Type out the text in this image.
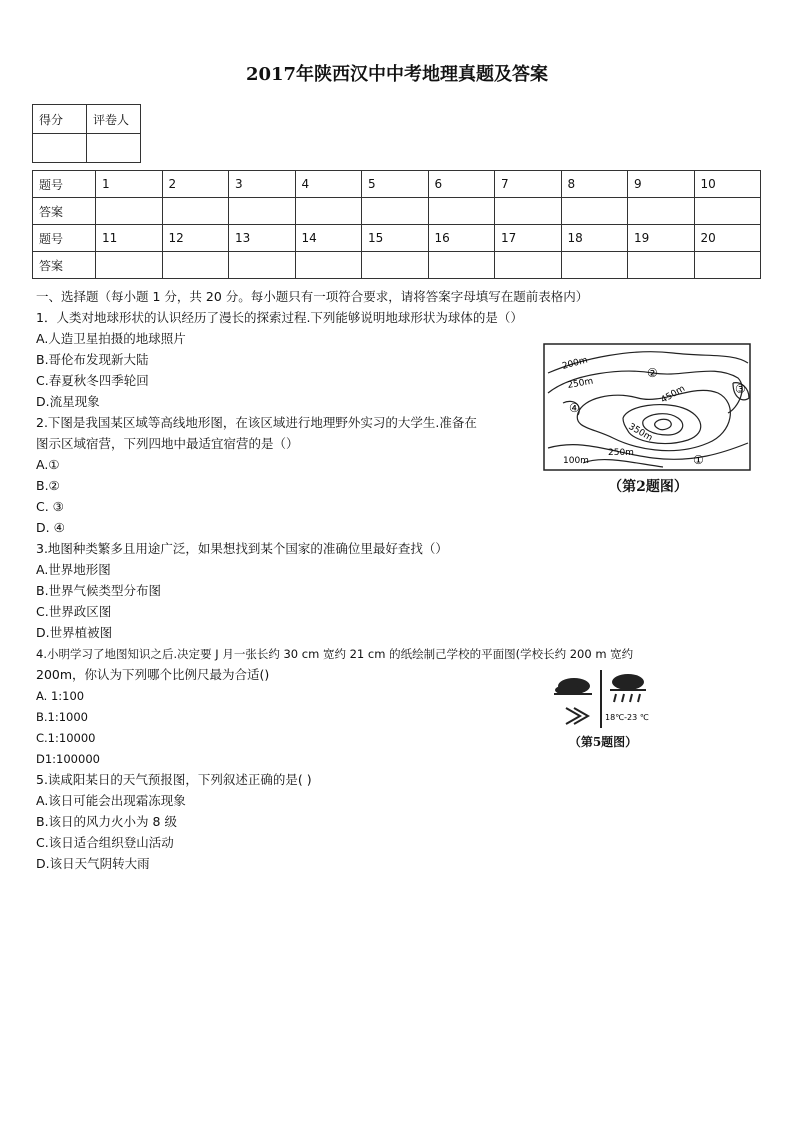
2017年陕西汉中中考地理真题及答案
得分	评卷人

题号	1	2	3	4	5	6	7	8	9	10
答案										
题号	11	12	13	14	15	16	17	18	19	20
答案										
一、选择题（每小题 1 分，共 20 分。每小题只有一项符合要求，请将答案字母填写在题前表格内）
1．人类对地球形状的认识经历了漫长的探索过程.下列能够说明地球形状为球体的是（）
A.人造卫星拍摄的地球照片
B.哥伦布发现新大陆
C.春夏秋冬四季轮回
D.流星现象
2.下图是我国某区域等高线地形图，在该区域进行地理野外实习的大学生.准备在
图示区域宿营，下列四地中最适宜宿营的是（）
A.①
B.②
C. ③
D. ④
3.地图种类繁多且用途广泛，如果想找到某个国家的准确位里最好查找（）
A.世界地形图
B.世界气候类型分布图
C.世界政区图
D.世界植被图
4.小明学习了地图知识之后.决定要 J 月一张长约 30 cm 宽约 21 cm 的纸绘制己学校的平面图(学校长约 200 m 宽约
200m，你认为下列哪个比例尺最为合适()
A. 1:100
B.1:1000
C.1:10000
D1:100000
5.读咸阳某日的天气预报图，下列叙述正确的是( )
A.该日可能会出现霜冻现象
B.该日的风力火小为 8 级
C.该日适合组织登山活动
D.该日天气阴转大雨
200m
250m
450m
350m
250m
100m	①
②
③
④
（第2题图）
18℃-23 ℃
（第5题图）
